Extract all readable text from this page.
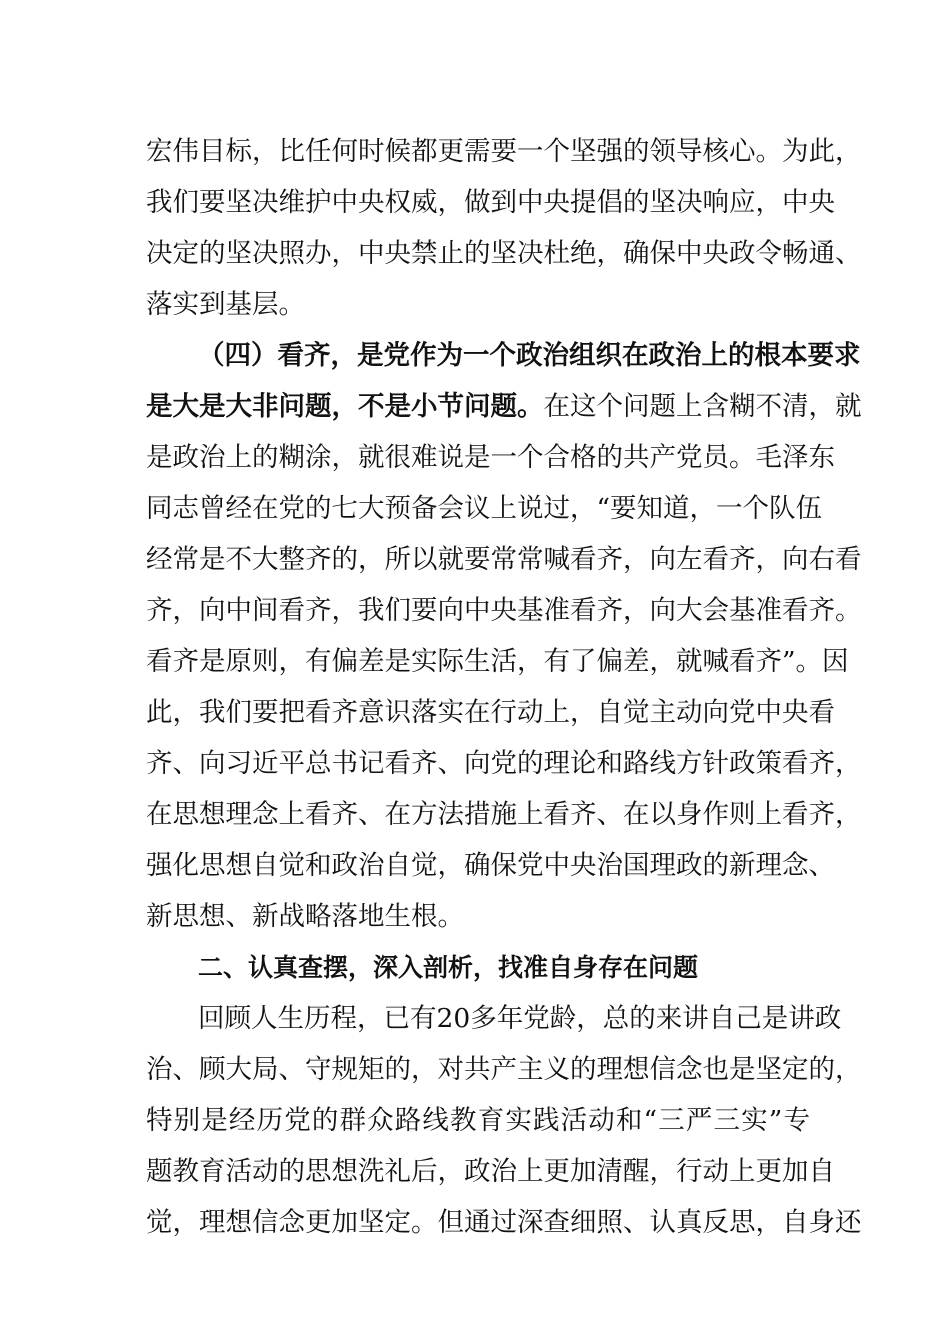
宏伟目标，比任何时候都更需要一个坚强的领导核心。为此，
我们要坚决维护中央权威，做到中央提倡的坚决响应，中央
决定的坚决照办，中央禁止的坚决杜绝，确保中央政令畅通、
落实到基层。
（四）看齐，是党作为一个政治组织在政治上的根本要求
是大是大非问题，不是小节问题。在这个问题上含糊不清，就
是政治上的糊涂，就很难说是一个合格的共产党员。毛泽东
同志曾经在党的七大预备会议上说过，“要知道，一个队伍
经常是不大整齐的，所以就要常常喊看齐，向左看齐，向右看
齐，向中间看齐，我们要向中央基准看齐，向大会基准看齐。
看齐是原则，有偏差是实际生活，有了偏差，就喊看齐”。因
此，我们要把看齐意识落实在行动上，自觉主动向党中央看
齐、向习近平总书记看齐、向党的理论和路线方针政策看齐，
在思想理念上看齐、在方法措施上看齐、在以身作则上看齐，
强化思想自觉和政治自觉，确保党中央治国理政的新理念、
新思想、新战略落地生根。
二、认真查摆，深入剖析，找准自身存在问题
回顾人生历程，已有20多年党龄，总的来讲自己是讲政
治、顾大局、守规矩的，对共产主义的理想信念也是坚定的，
特别是经历党的群众路线教育实践活动和“三严三实”专
题教育活动的思想洗礼后，政治上更加清醒，行动上更加自
觉，理想信念更加坚定。但通过深查细照、认真反思，自身还
